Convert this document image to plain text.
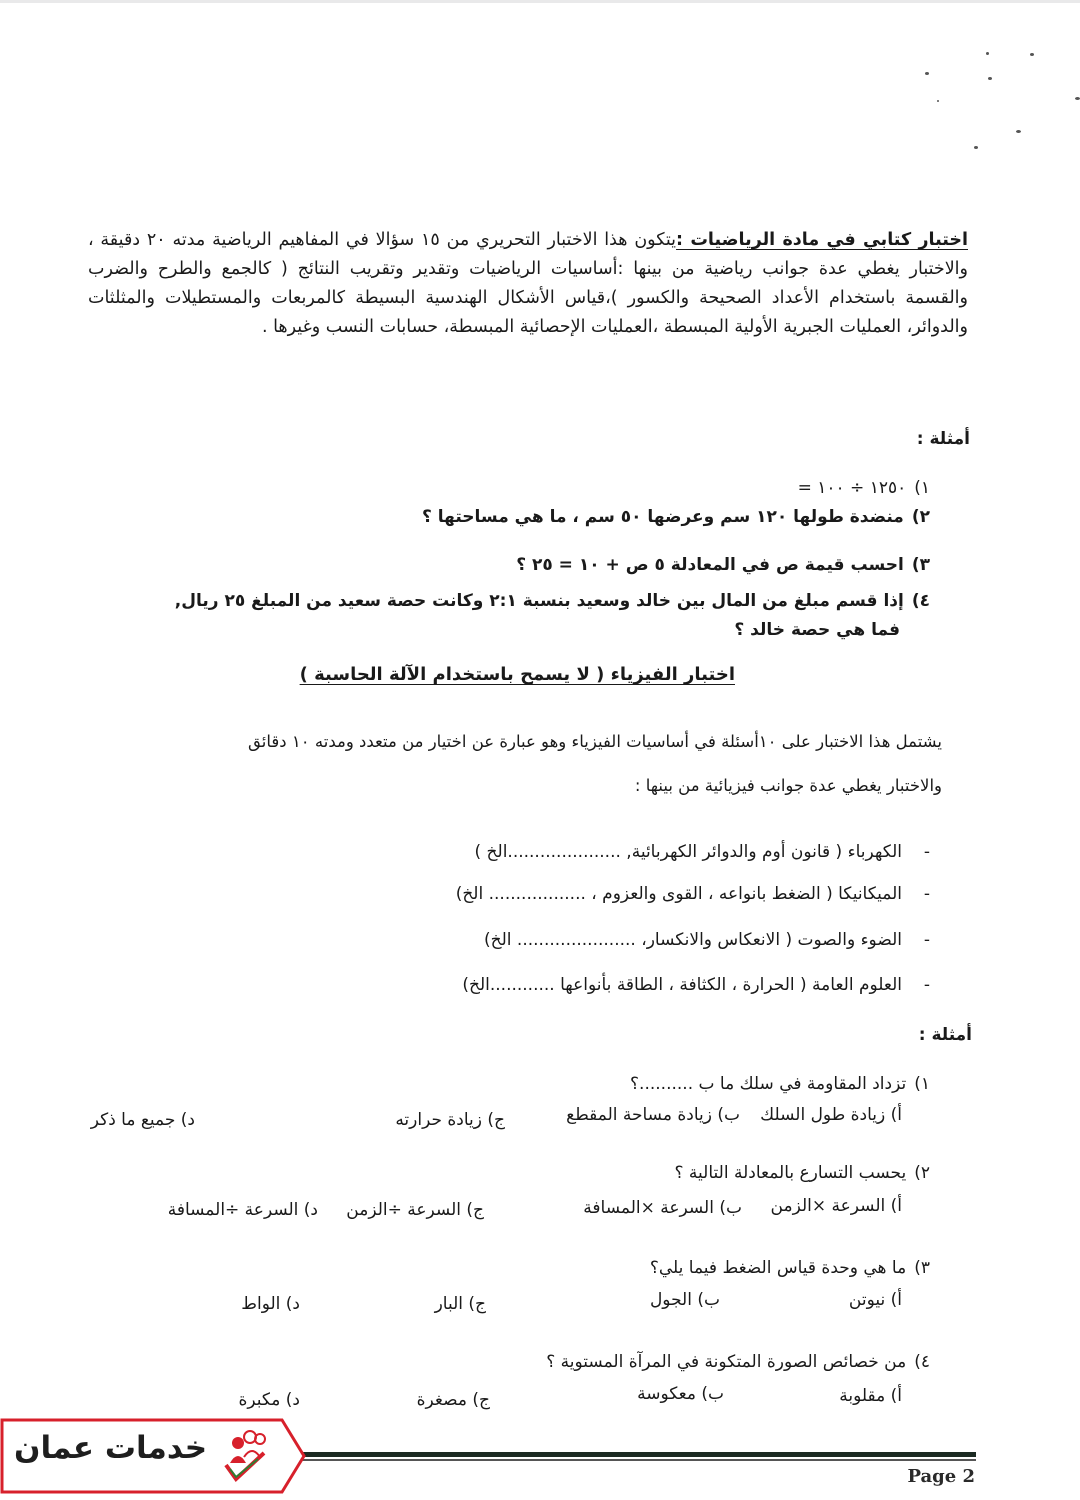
اختبار كتابي في مادة الرياضيات :يتكون هذا الاختبار التحريري من ١٥ سؤالا في المفاهيم الرياضية مدته ٢٠ دقيقة ، والاختبار يغطي عدة جوانب رياضية من بينها :أساسيات الرياضيات وتقدير وتقريب النتائج ( كالجمع والطرح والضرب والقسمة باستخدام الأعداد الصحيحة والكسور )،قياس الأشكال الهندسية البسيطة كالمربعات والمستطيلات والمثلثات والدوائر، العمليات الجبرية الأولية المبسطة ،العمليات الإحصائية المبسطة، حسابات النسب وغيرها .
أمثلة :
١)١٢٥٠ ÷ ١٠٠ =
٢)منضدة طولها ١٢٠ سم وعرضها ٥٠ سم ، ما هي مساحتها ؟
٣)احسب قيمة ص في المعادلة ٥ ص + ١٠ = ٢٥ ؟
٤)إذا قسم مبلغ من المال بين خالد وسعيد بنسبة ٢:١ وكانت حصة سعيد من المبلغ ٢٥ ريال,
فما هي حصة خالد ؟
اختبار الفيزياء ( لا يسمح باستخدام الآلة الحاسبة )
يشتمل هذا الاختبار على ١٠أسئلة في أساسيات الفيزياء وهو عبارة عن اختيار من متعدد ومدته ١٠ دقائق
والاختبار يغطي عدة جوانب فيزيائية من بينها :
-
الكهرباء ( قانون أوم والدوائر الكهربائية, .....................الخ )
-
الميكانيكا ( الضغط بانواعه ، القوى والعزوم ، .................. الخ)
-
الضوء والصوت ( الانعكاس والانكسار، ...................... الخ)
-
العلوم العامة ( الحرارة ، الكثافة ، الطاقة بأنواعها ............الخ)
أمثلة :
١)تزداد المقاومة في سلك ما ب ..........؟
أ) زيادة طول السلك
ب) زيادة مساحة المقطع
ج) زيادة حرارته
د) جميع ما ذكر
٢)يحسب التسارع بالمعادلة التالية ؟
أ) السرعة ×الزمن
ب) السرعة ×المسافة
ج) السرعة ÷الزمن
د) السرعة ÷المسافة
٣)ما هي وحدة قياس الضغط فيما يلي؟
أ) نيوتن
ب) الجول
ج) البار
د) الواط
٤)من خصائص الصورة المتكونة في المرآة المستوية ؟
أ) مقلوبة
ب) معكوسة
ج) مصغرة
د) مكبرة
Page 2
خدمات عمان
